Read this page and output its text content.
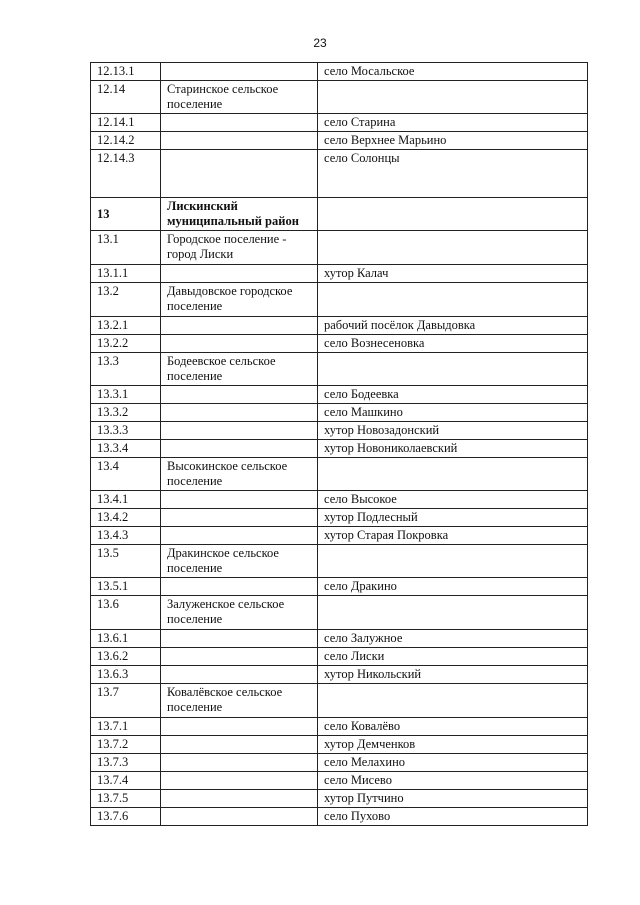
23
12.13.1		село Мосальское
12.14	Старинское сельское поселение	
12.14.1		село Старина
12.14.2		село Верхнее Марьино
12.14.3		село Солонцы
13	Лискинский муниципальный район	
13.1	Городское поселение - город Лиски	
13.1.1		хутор Калач
13.2	Давыдовское городское поселение	
13.2.1		рабочий посёлок Давыдовка
13.2.2		село Вознесеновка
13.3	Бодеевское сельское поселение	
13.3.1		село Бодеевка
13.3.2		село Машкино
13.3.3		хутор Новозадонский
13.3.4		хутор Новониколаевский
13.4	Высокинское сельское поселение	
13.4.1		село Высокое
13.4.2		хутор Подлесный
13.4.3		хутор Старая Покровка
13.5	Дракинское сельское поселение	
13.5.1		село Дракино
13.6	Залуженское сельское поселение	
13.6.1		село Залужное
13.6.2		село Лиски
13.6.3		хутор Никольский
13.7	Ковалёвское сельское поселение	
13.7.1		село Ковалёво
13.7.2		хутор Демченков
13.7.3		село Мелахино
13.7.4		село Мисево
13.7.5		хутор Путчино
13.7.6		село Пухово
